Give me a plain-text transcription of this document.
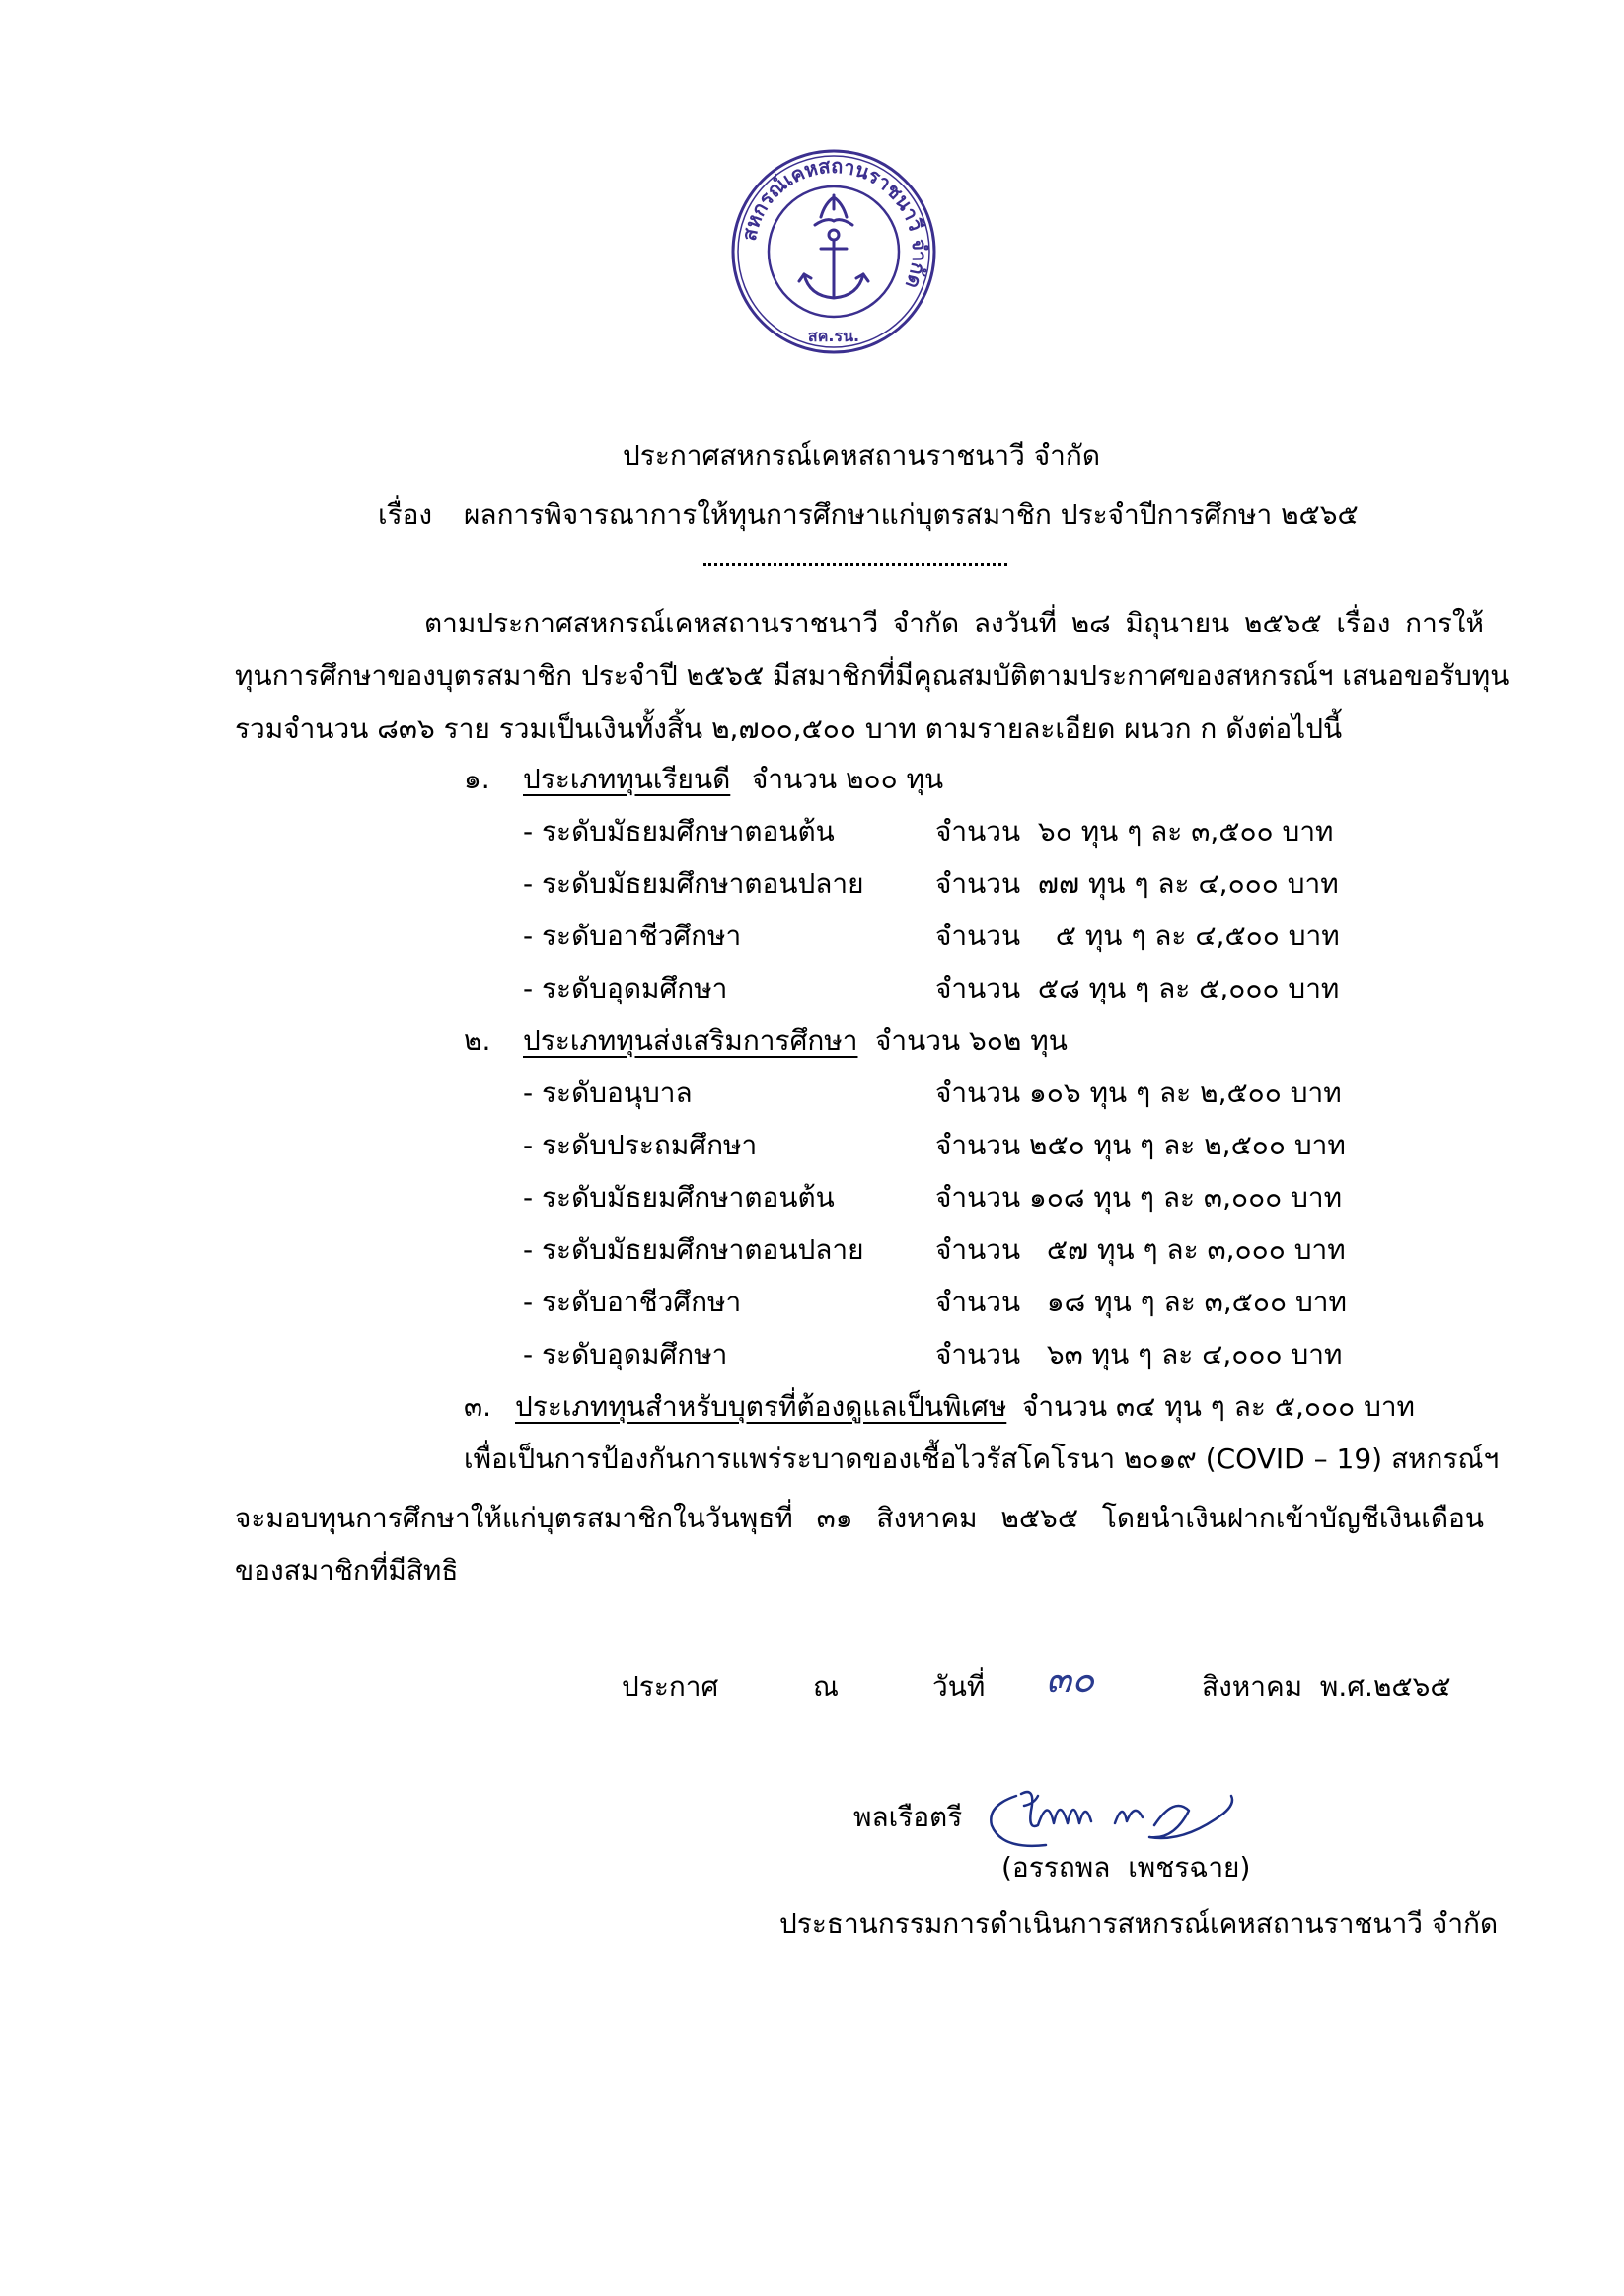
สหกรณ์เคหสถานราชนาวี จำกัด
สค.รน.
ประกาศสหกรณ์เคหสถานราชนาวี จำกัด
เรื่อง ผลการพิจารณาการให้ทุนการศึกษาแก่บุตรสมาชิก ประจำปีการศึกษา ๒๕๖๕
ตามประกาศสหกรณ์เคหสถานราชนาวี จำกัด ลงวันที่ ๒๘ มิถุนายน ๒๕๖๕ เรื่อง การให้
ทุนการศึกษาของบุตรสมาชิก ประจำปี ๒๕๖๕ มีสมาชิกที่มีคุณสมบัติตามประกาศของสหกรณ์ฯ เสนอขอรับทุน
รวมจำนวน ๘๓๖ ราย รวมเป็นเงินทั้งสิ้น ๒,๗๐๐,๕๐๐ บาท ตามรายละเอียด ผนวก ก ดังต่อไปนี้
๑. ประเภททุนเรียนดี จำนวน ๒๐๐ ทุน
- ระดับมัธยมศึกษาตอนต้น	จำนวน  ๖๐ ทุน ๆ ละ ๓,๕๐๐ บาท
- ระดับมัธยมศึกษาตอนปลาย	จำนวน  ๗๗ ทุน ๆ ละ ๔,๐๐๐ บาท
- ระดับอาชีวศึกษา	จำนวน    ๕ ทุน ๆ ละ ๔,๕๐๐ บาท
- ระดับอุดมศึกษา	จำนวน  ๕๘ ทุน ๆ ละ ๕,๐๐๐ บาท
๒. ประเภททุนส่งเสริมการศึกษา จำนวน ๖๐๒ ทุน
- ระดับอนุบาล	จำนวน ๑๐๖ ทุน ๆ ละ ๒,๕๐๐ บาท
- ระดับประถมศึกษา	จำนวน ๒๕๐ ทุน ๆ ละ ๒,๕๐๐ บาท
- ระดับมัธยมศึกษาตอนต้น	จำนวน ๑๐๘ ทุน ๆ ละ ๓,๐๐๐ บาท
- ระดับมัธยมศึกษาตอนปลาย	จำนวน   ๕๗ ทุน ๆ ละ ๓,๐๐๐ บาท
- ระดับอาชีวศึกษา	จำนวน   ๑๘ ทุน ๆ ละ ๓,๕๐๐ บาท
- ระดับอุดมศึกษา	จำนวน   ๖๓ ทุน ๆ ละ ๔,๐๐๐ บาท
๓. ประเภททุนสำหรับบุตรที่ต้องดูแลเป็นพิเศษ จำนวน ๓๔ ทุน ๆ ละ ๕,๐๐๐ บาท
เพื่อเป็นการป้องกันการแพร่ระบาดของเชื้อไวรัสโคโรนา ๒๐๑๙ (COVID – 19) สหกรณ์ฯ
จะมอบทุนการศึกษาให้แก่บุตรสมาชิกในวันพุธที่ ๓๑ สิงหาคม ๒๕๖๕ โดยนำเงินฝากเข้าบัญชีเงินเดือน
ของสมาชิกที่มีสิทธิ
ประกาศ	ณ	วันที่ ๓๐	สิงหาคม  พ.ศ.๒๕๖๕
พลเรือตรี
(อรรถพล  เพชรฉาย)
ประธานกรรมการดำเนินการสหกรณ์เคหสถานราชนาวี จำกัด
